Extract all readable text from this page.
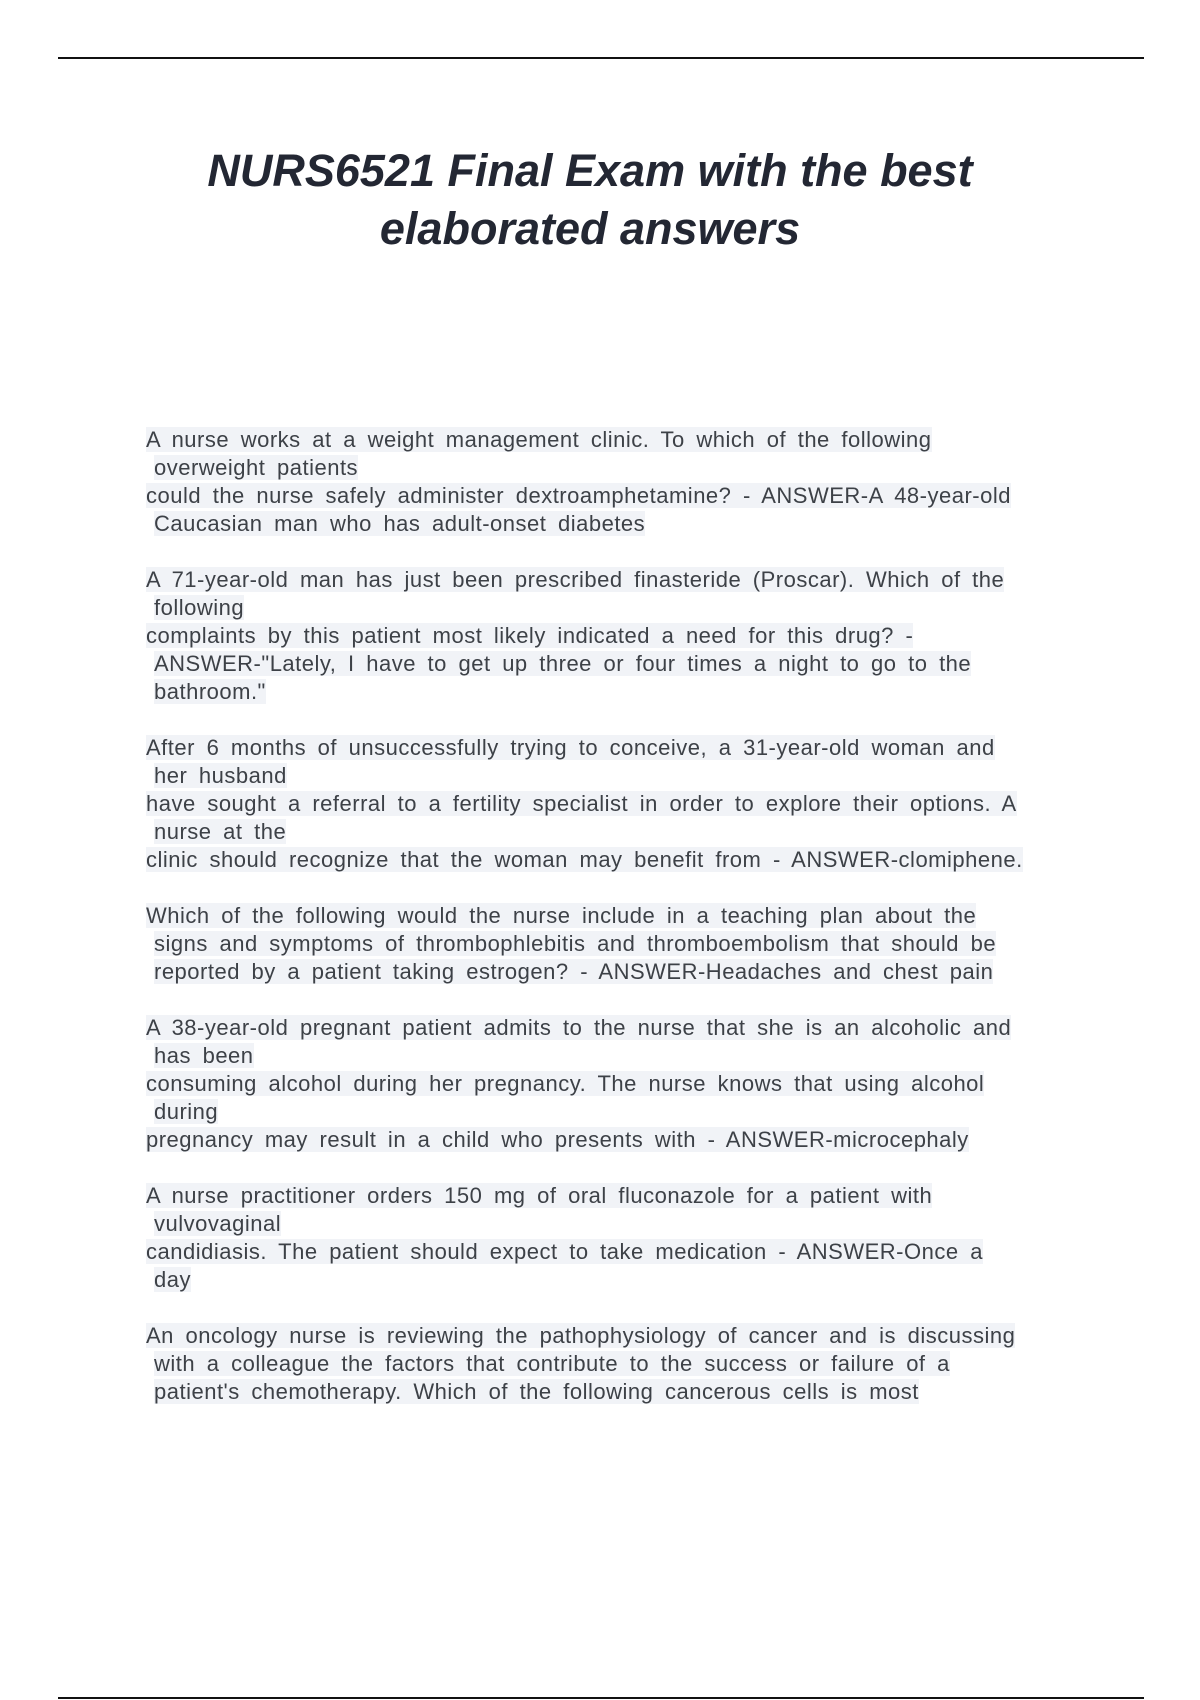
NURS6521 Final Exam with the best
elaborated answers
A nurse works at a weight management clinic. To which of the following
overweight patients
could the nurse safely administer dextroamphetamine? - ANSWER-A 48-year-old
Caucasian man who has adult-onset diabetes
A 71-year-old man has just been prescribed finasteride (Proscar). Which of the
following
complaints by this patient most likely indicated a need for this drug? -
ANSWER-"Lately, I have to get up three or four times a night to go to the
bathroom."
After 6 months of unsuccessfully trying to conceive, a 31-year-old woman and
her husband
have sought a referral to a fertility specialist in order to explore their options. A
nurse at the
clinic should recognize that the woman may benefit from - ANSWER-clomiphene.
Which of the following would the nurse include in a teaching plan about the
signs and symptoms of thrombophlebitis and thromboembolism that should be
reported by a patient taking estrogen? - ANSWER-Headaches and chest pain
A 38-year-old pregnant patient admits to the nurse that she is an alcoholic and
has been
consuming alcohol during her pregnancy. The nurse knows that using alcohol
during
pregnancy may result in a child who presents with - ANSWER-microcephaly
A nurse practitioner orders 150 mg of oral fluconazole for a patient with
vulvovaginal
candidiasis. The patient should expect to take medication - ANSWER-Once a
day
An oncology nurse is reviewing the pathophysiology of cancer and is discussing
with a colleague the factors that contribute to the success or failure of a
patient's chemotherapy. Which of the following cancerous cells is most
